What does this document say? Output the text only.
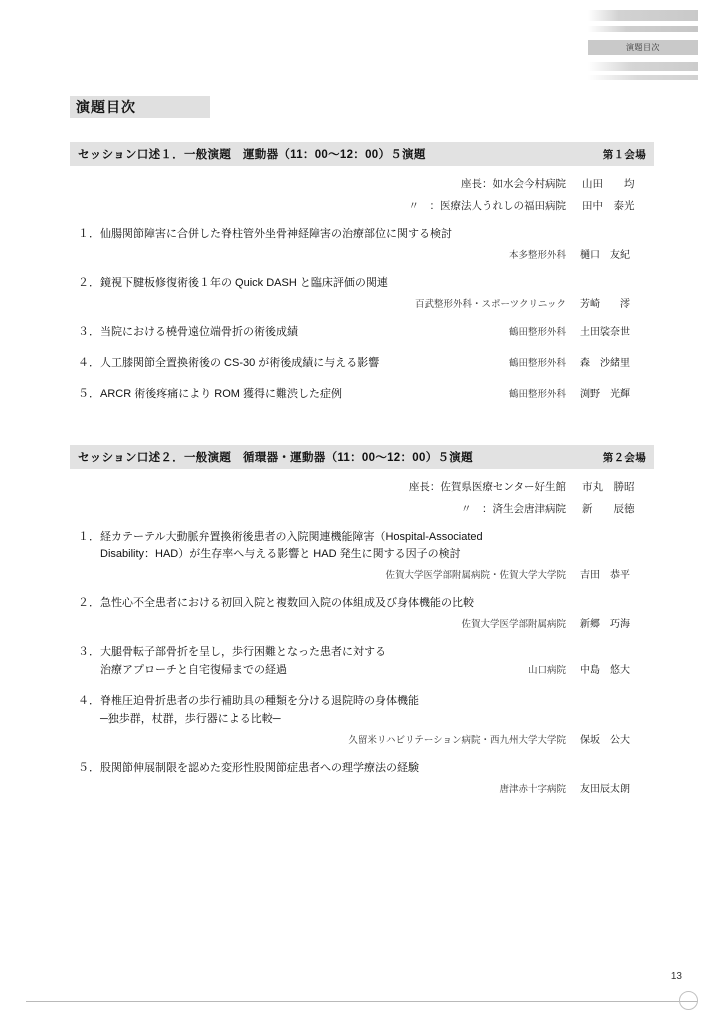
演題目次
演題目次
セッション口述１．一般演題　運動器（11：00〜12：00）５演題	第１会場
座長：如水会今村病院	山田　　均
〃　：医療法人うれしの福田病院	田中　泰光
１． 仙腸関節障害に合併した脊柱管外坐骨神経障害の治療部位に関する検討
本多整形外科	樋口　友紀
２． 鏡視下腱板修復術後１年の Quick DASH と臨床評価の関連
百武整形外科・スポーツクリニック	芳崎　　澪
３． 当院における橈骨遠位端骨折の術後成績	鶴田整形外科	土田裟奈世
４． 人工膝関節全置換術後の CS-30 が術後成績に与える影響	鶴田整形外科	森　沙緒里
５． ARCR 術後疼痛により ROM 獲得に難渋した症例	鶴田整形外科	渕野　光輝
セッション口述２．一般演題　循環器・運動器（11：00〜12：00）５演題	第２会場
座長：佐賀県医療センター好生館	市丸　勝昭
〃　：済生会唐津病院	新　　辰徳
１． 経カテーテル大動脈弁置換術後患者の入院関連機能障害（Hospital-Associated
Disability：HAD）が生存率へ与える影響と HAD 発生に関する因子の検討
佐賀大学医学部附属病院・佐賀大学大学院	吉田　恭平
２． 急性心不全患者における初回入院と複数回入院の体組成及び身体機能の比較
佐賀大学医学部附属病院	新郷　巧海
３． 大腿骨転子部骨折を呈し，歩行困難となった患者に対する
治療アプローチと自宅復帰までの経過	山口病院	中島　悠大
４． 脊椎圧迫骨折患者の歩行補助具の種類を分ける退院時の身体機能
─独歩群，杖群，歩行器による比較─
久留米リハビリテーション病院・西九州大学大学院	保坂　公大
５． 股関節伸展制限を認めた変形性股関節症患者への理学療法の経験
唐津赤十字病院	友田辰太朗
13
